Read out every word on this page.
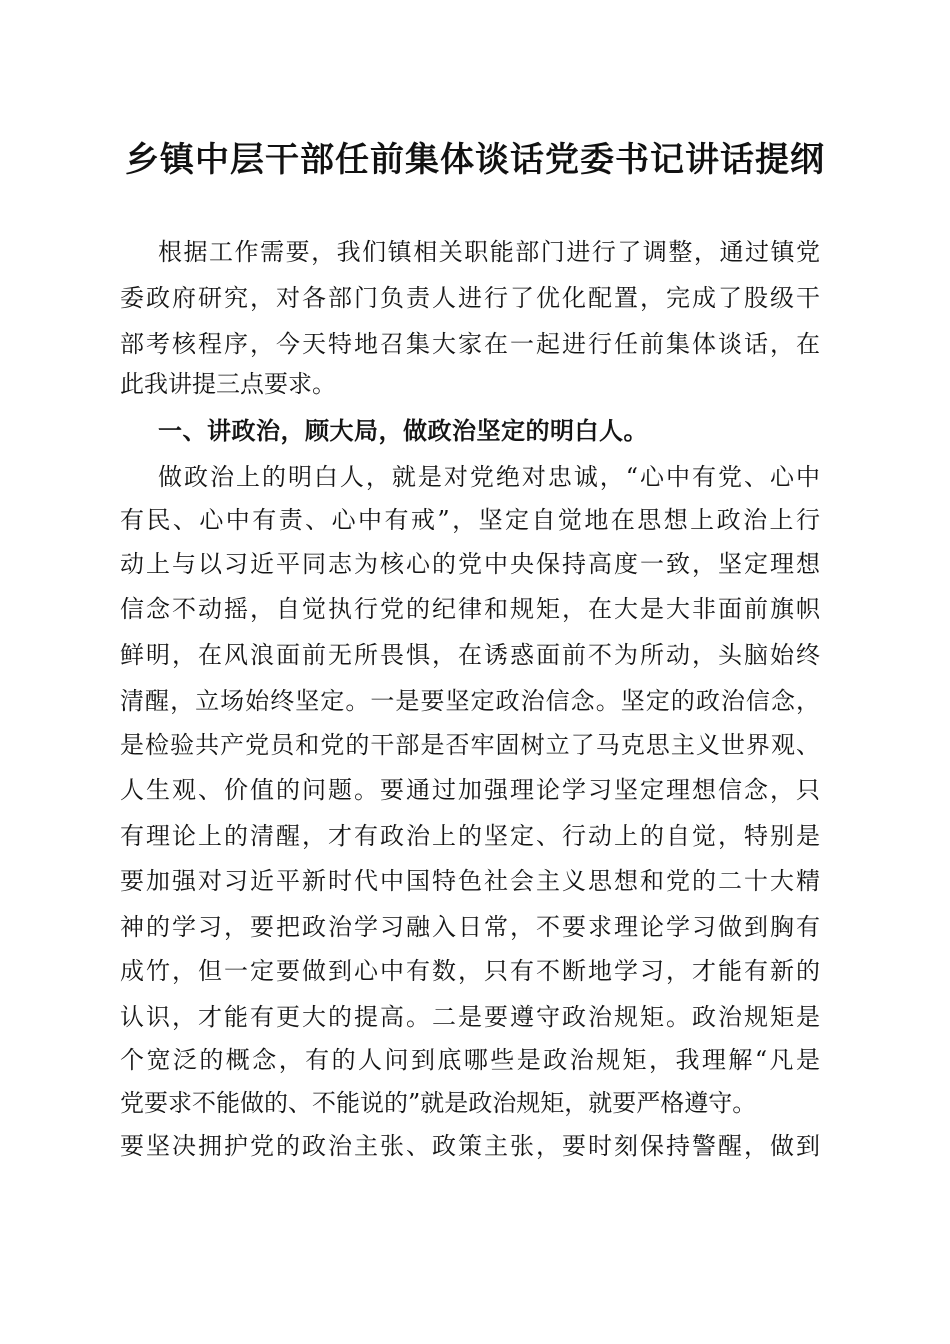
乡镇中层干部任前集体谈话党委书记讲话提纲
根据工作需要，我们镇相关职能部门进行了调整，通过镇党
委政府研究，对各部门负责人进行了优化配置，完成了股级干
部考核程序，今天特地召集大家在一起进行任前集体谈话，在
此我讲提三点要求。
一、讲政治，顾大局，做政治坚定的明白人。
做政治上的明白人，就是对党绝对忠诚，“心中有党、心中
有民、心中有责、心中有戒”，坚定自觉地在思想上政治上行
动上与以习近平同志为核心的党中央保持高度一致，坚定理想
信念不动摇，自觉执行党的纪律和规矩，在大是大非面前旗帜
鲜明，在风浪面前无所畏惧，在诱惑面前不为所动，头脑始终
清醒，立场始终坚定。一是要坚定政治信念。坚定的政治信念，
是检验共产党员和党的干部是否牢固树立了马克思主义世界观、
人生观、价值的问题。要通过加强理论学习坚定理想信念，只
有理论上的清醒，才有政治上的坚定、行动上的自觉，特别是
要加强对习近平新时代中国特色社会主义思想和党的二十大精
神的学习，要把政治学习融入日常，不要求理论学习做到胸有
成竹，但一定要做到心中有数，只有不断地学习，才能有新的
认识，才能有更大的提高。二是要遵守政治规矩。政治规矩是
个宽泛的概念，有的人问到底哪些是政治规矩，我理解“凡是
党要求不能做的、不能说的”就是政治规矩，就要严格遵守。
要坚决拥护党的政治主张、政策主张，要时刻保持警醒，做到
